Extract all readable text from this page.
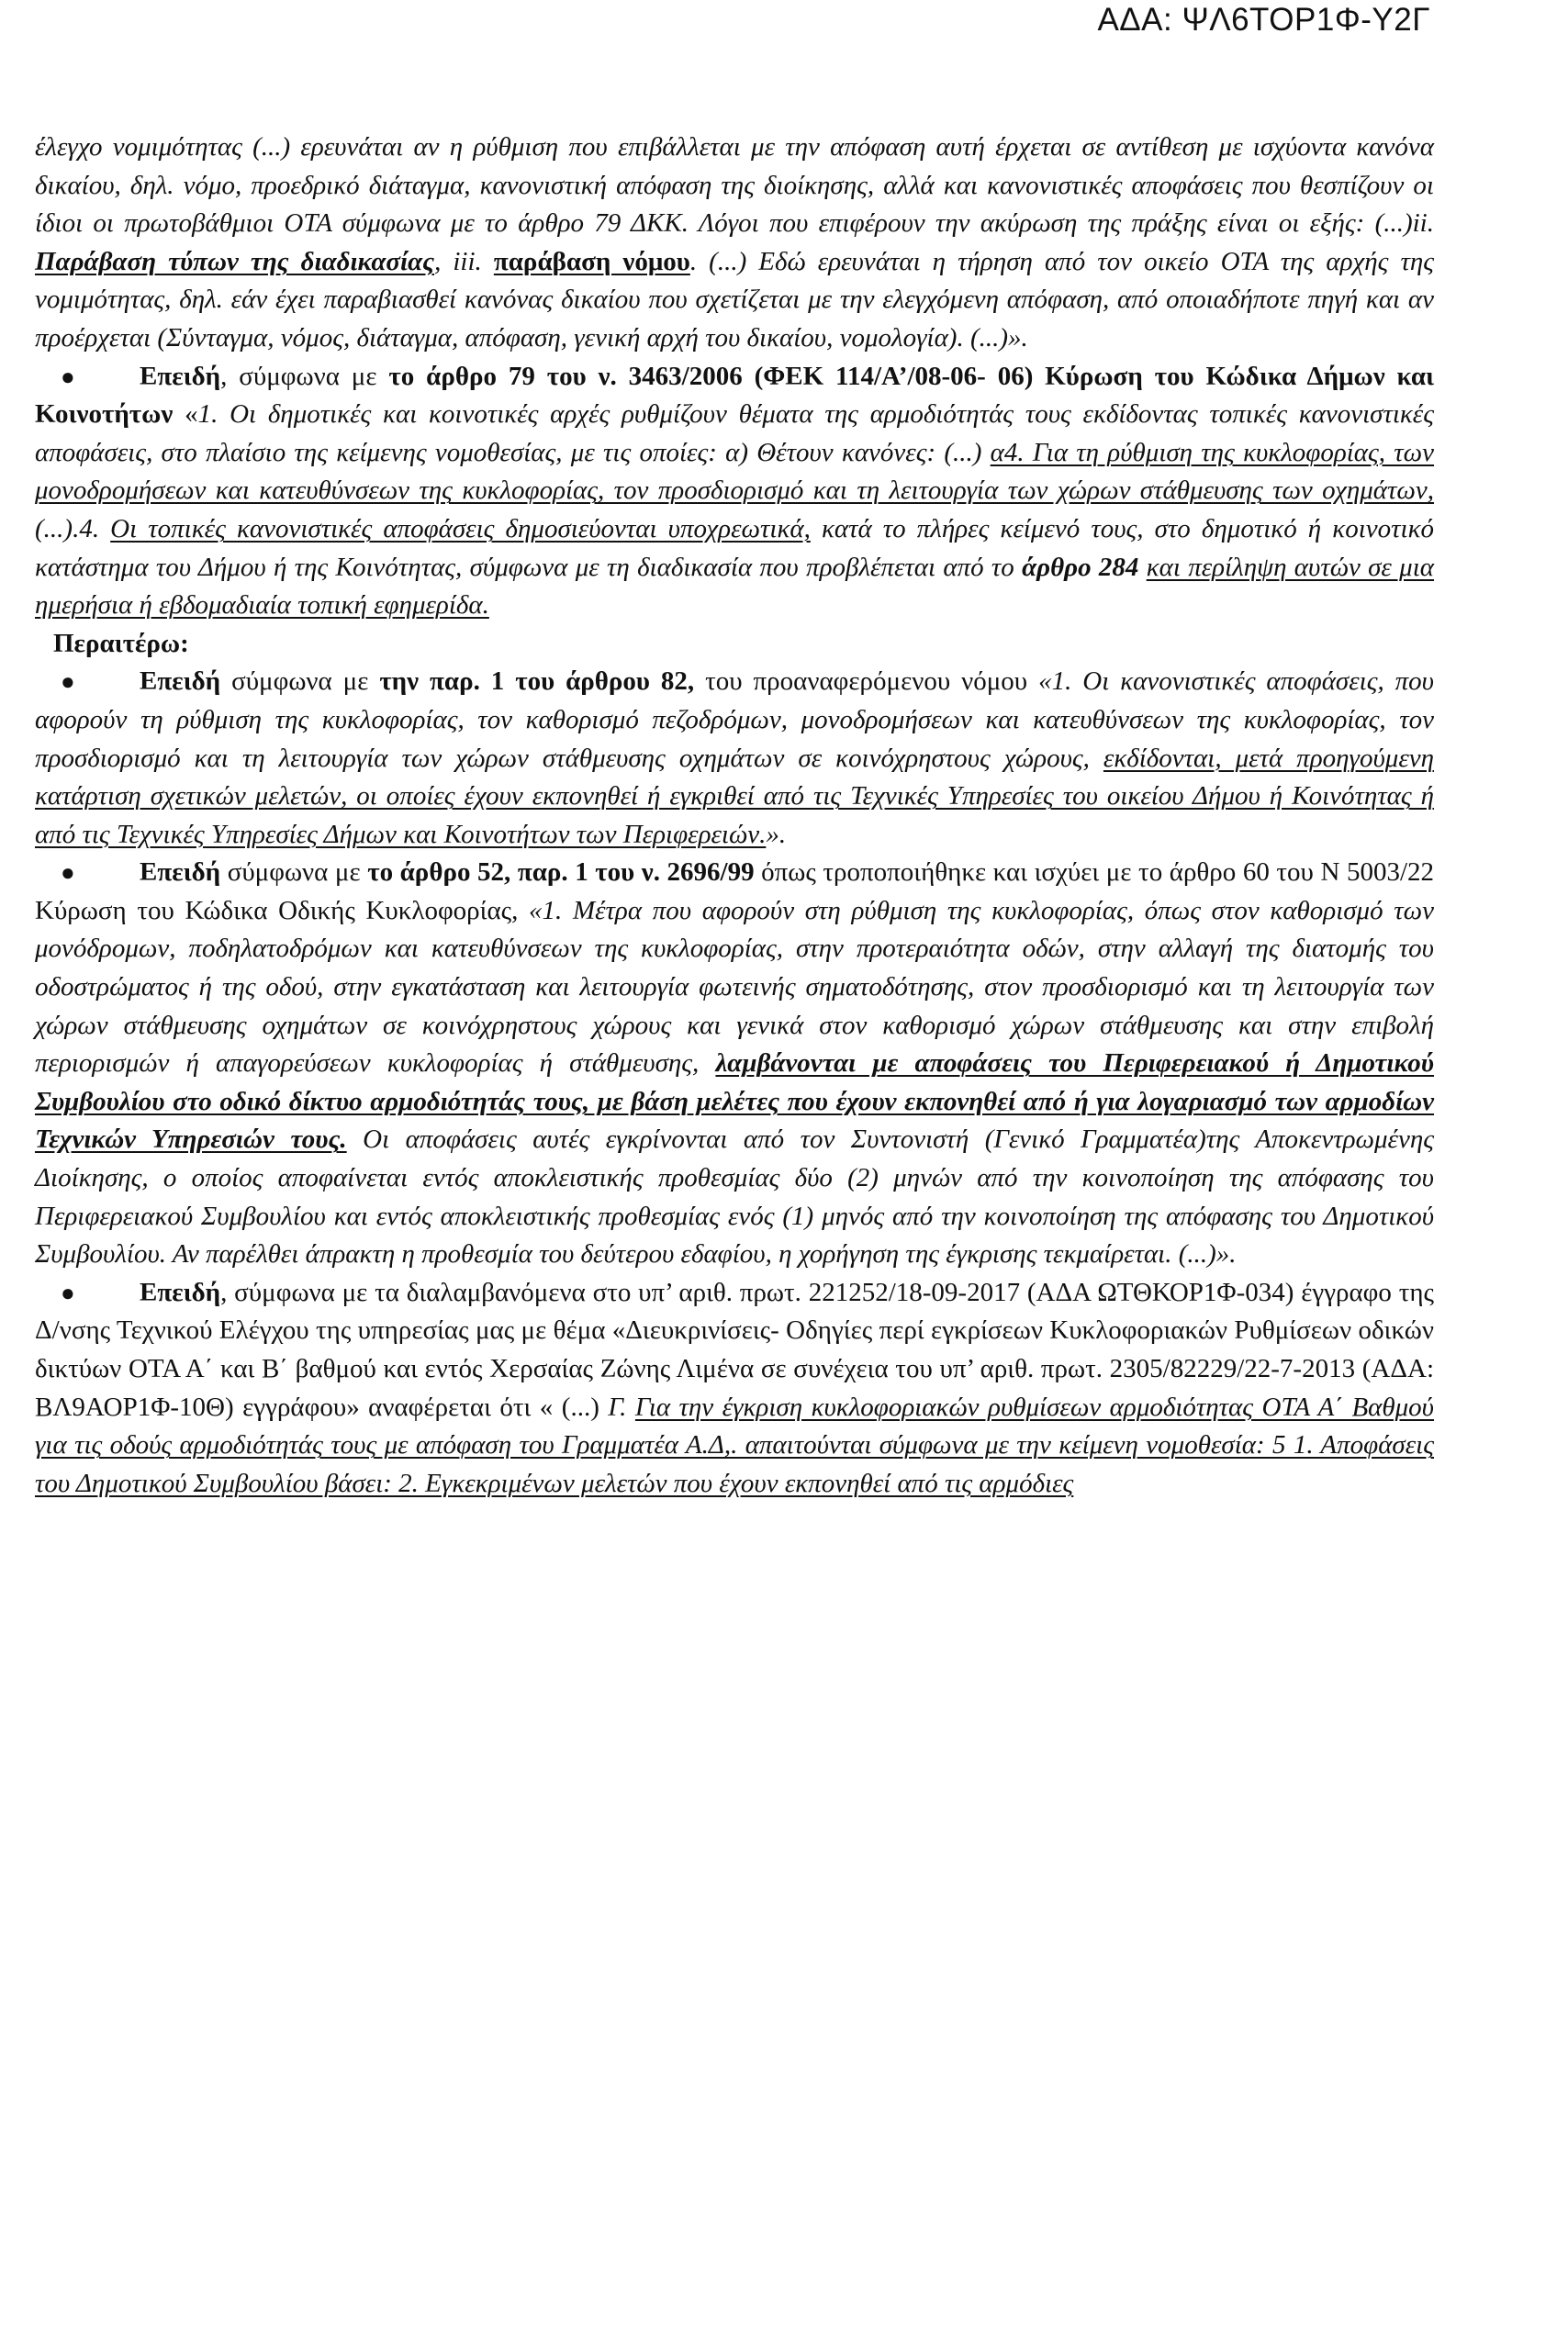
ΑΔΑ: ΨΛ6ΤΟΡ1Φ-Υ2Γ

έλεγχο νομιμότητας (...) ερευνάται αν η ρύθμιση που επιβάλλεται με την απόφαση αυτή έρχεται σε αντίθεση με ισχύοντα κανόνα δικαίου, δηλ. νόμο, προεδρικό διάταγμα, κανονιστική απόφαση της διοίκησης, αλλά και κανονιστικές αποφάσεις που θεσπίζουν οι ίδιοι οι πρωτοβάθμιοι ΟΤΑ σύμφωνα με το άρθρο 79 ΔΚΚ. Λόγοι που επιφέρουν την ακύρωση της πράξης είναι οι εξής: (...)ii. Παράβαση τύπων της διαδικασίας, iii. παράβαση νόμου. (...) Εδώ ερευνάται η τήρηση από τον οικείο ΟΤΑ της αρχής της νομιμότητας, δηλ. εάν έχει παραβιασθεί κανόνας δικαίου που σχετίζεται με την ελεγχόμενη απόφαση, από οποιαδήποτε πηγή και αν προέρχεται (Σύνταγμα, νόμος, διάταγμα, απόφαση, γενική αρχή του δικαίου, νομολογία). (...)».

● Επειδή, σύμφωνα με το άρθρο 79 του ν. 3463/2006 (ΦΕΚ 114/Α’/08-06- 06) Κύρωση του Κώδικα Δήμων και Κοινοτήτων «1. Οι δημοτικές και κοινοτικές αρχές ρυθμίζουν θέματα της αρμοδιότητάς τους εκδίδοντας τοπικές κανονιστικές αποφάσεις, στο πλαίσιο της κείμενης νομοθεσίας, με τις οποίες: α) Θέτουν κανόνες: (...) α4. Για τη ρύθμιση της κυκλοφορίας, των μονοδρομήσεων και κατευθύνσεων της κυκλοφορίας, τον προσδιορισμό και τη λειτουργία των χώρων στάθμευσης των οχημάτων, (...).4. Οι τοπικές κανονιστικές αποφάσεις δημοσιεύονται υποχρεωτικά, κατά το πλήρες κείμενό τους, στο δημοτικό ή κοινοτικό κατάστημα του Δήμου ή της Κοινότητας, σύμφωνα με τη διαδικασία που προβλέπεται από το άρθρο 284 και περίληψη αυτών σε μια ημερήσια ή εβδομαδιαία τοπική εφημερίδα.

Περαιτέρω:

● Επειδή σύμφωνα με την παρ. 1 του άρθρου 82, του προαναφερόμενου νόμου «1. Οι κανονιστικές αποφάσεις, που αφορούν τη ρύθμιση της κυκλοφορίας, τον καθορισμό πεζοδρόμων, μονοδρομήσεων και κατευθύνσεων της κυκλοφορίας, τον προσδιορισμό και τη λειτουργία των χώρων στάθμευσης οχημάτων σε κοινόχρηστους χώρους, εκδίδονται, μετά προηγούμενη κατάρτιση σχετικών μελετών, οι οποίες έχουν εκπονηθεί ή εγκριθεί από τις Τεχνικές Υπηρεσίες του οικείου Δήμου ή Κοινότητας ή από τις Τεχνικές Υπηρεσίες Δήμων και Κοινοτήτων των Περιφερειών.».

● Επειδή σύμφωνα με το άρθρο 52, παρ. 1 του ν. 2696/99 όπως τροποποιήθηκε και ισχύει με το άρθρο 60 του Ν 5003/22 Κύρωση του Κώδικα Οδικής Κυκλοφορίας, «1. Μέτρα που αφορούν στη ρύθμιση της κυκλοφορίας, όπως στον καθορισμό των μονόδρομων, ποδηλατοδρόμων και κατευθύνσεων της κυκλοφορίας, στην προτεραιότητα οδών, στην αλλαγή της διατομής του οδοστρώματος ή της οδού, στην εγκατάσταση και λειτουργία φωτεινής σηματοδότησης, στον προσδιορισμό και τη λειτουργία των χώρων στάθμευσης οχημάτων σε κοινόχρηστους χώρους και γενικά στον καθορισμό χώρων στάθμευσης και στην επιβολή περιορισμών ή απαγορεύσεων κυκλοφορίας ή στάθμευσης, λαμβάνονται με αποφάσεις του Περιφερειακού ή Δημοτικού Συμβουλίου στο οδικό δίκτυο αρμοδιότητάς τους, με βάση μελέτες που έχουν εκπονηθεί από ή για λογαριασμό των αρμοδίων Τεχνικών Υπηρεσιών τους. Οι αποφάσεις αυτές εγκρίνονται από τον Συντονιστή (Γενικό Γραμματέα)της Αποκεντρωμένης Διοίκησης, ο οποίος αποφαίνεται εντός αποκλειστικής προθεσμίας δύο (2) μηνών από την κοινοποίηση της απόφασης του Περιφερειακού Συμβουλίου και εντός αποκλειστικής προθεσμίας ενός (1) μηνός από την κοινοποίηση της απόφασης του Δημοτικού Συμβουλίου. Αν παρέλθει άπρακτη η προθεσμία του δεύτερου εδαφίου, η χορήγηση της έγκρισης τεκμαίρεται. (...)».

● Επειδή, σύμφωνα με τα διαλαμβανόμενα στο υπ’ αριθ. πρωτ. 221252/18-09-2017 (ΑΔΑ ΩΤΘΚΟΡ1Φ-034) έγγραφο της Δ/νσης Τεχνικού Ελέγχου της υπηρεσίας μας με θέμα «Διευκρινίσεις- Οδηγίες περί εγκρίσεων Κυκλοφοριακών Ρυθμίσεων οδικών δικτύων ΟΤΑ Α΄ και Β΄ βαθμού και εντός Χερσαίας Ζώνης Λιμένα σε συνέχεια του υπ’ αριθ. πρωτ. 2305/82229/22-7-2013 (ΑΔΑ: ΒΛ9ΑΟΡ1Φ-10Θ) εγγράφου» αναφέρεται ότι « (...) Γ. Για την έγκριση κυκλοφοριακών ρυθμίσεων αρμοδιότητας ΟΤΑ Α΄ Βαθμού για τις οδούς αρμοδιότητάς τους με απόφαση του Γραμματέα Α.Δ,. απαιτούνται σύμφωνα με την κείμενη νομοθεσία: 5 1. Αποφάσεις του Δημοτικού Συμβουλίου βάσει: 2. Εγκεκριμένων μελετών που έχουν εκπονηθεί από τις αρμόδιες
